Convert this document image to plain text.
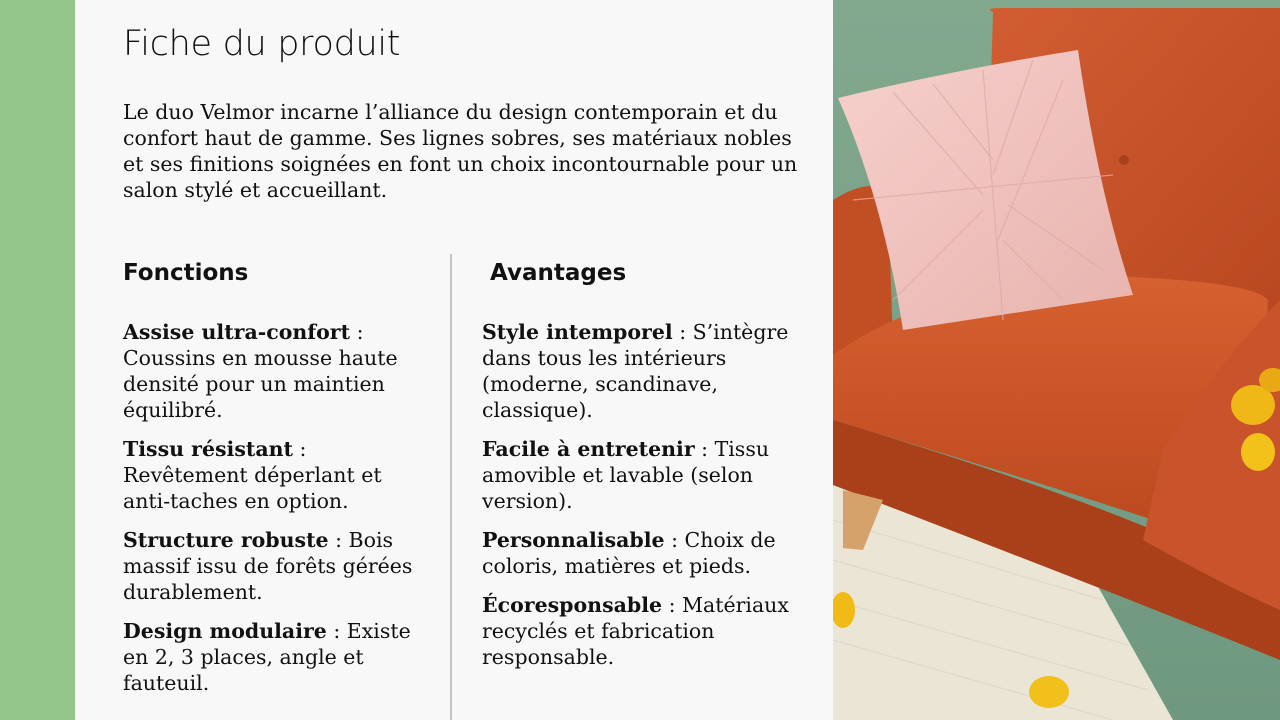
Fiche du produit

Le duo Velmor incarne l’alliance du design contemporain et du confort haut de gamme. Ses lignes sobres, ses matériaux nobles et ses finitions soignées en font un choix incontournable pour un salon stylé et accueillant.

Fonctions	Avantages

Assise ultra-confort : Coussins en mousse haute densité pour un maintien équilibré.

Tissu résistant : Revêtement déperlant et anti-taches en option.

Structure robuste : Bois massif issu de forêts gérées durablement.

Design modulaire : Existe en 2, 3 places, angle et fauteuil.

Style intemporel : S’intègre dans tous les intérieurs (moderne, scandinave, classique).

Facile à entretenir : Tissu amovible et lavable (selon version).

Personnalisable : Choix de coloris, matières et pieds.

Écoresponsable : Matériaux recyclés et fabrication responsable.
